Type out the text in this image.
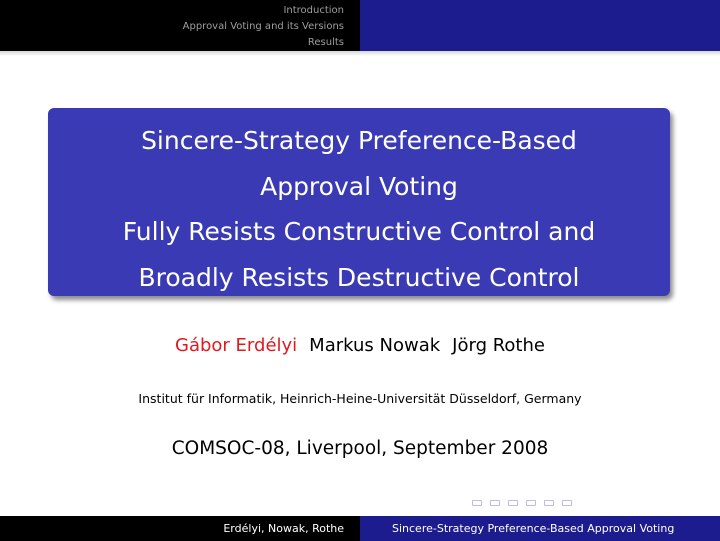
Introduction
Approval Voting and its Versions
Results
Sincere-Strategy Preference-Based
Approval Voting
Fully Resists Constructive Control and
Broadly Resists Destructive Control
Gábor Erdélyi Markus Nowak Jörg Rothe
Institut für Informatik, Heinrich-Heine-Universität Düsseldorf, Germany
COMSOC-08, Liverpool, September 2008
Erdélyi, Nowak, Rothe	Sincere-Strategy Preference-Based Approval Voting
